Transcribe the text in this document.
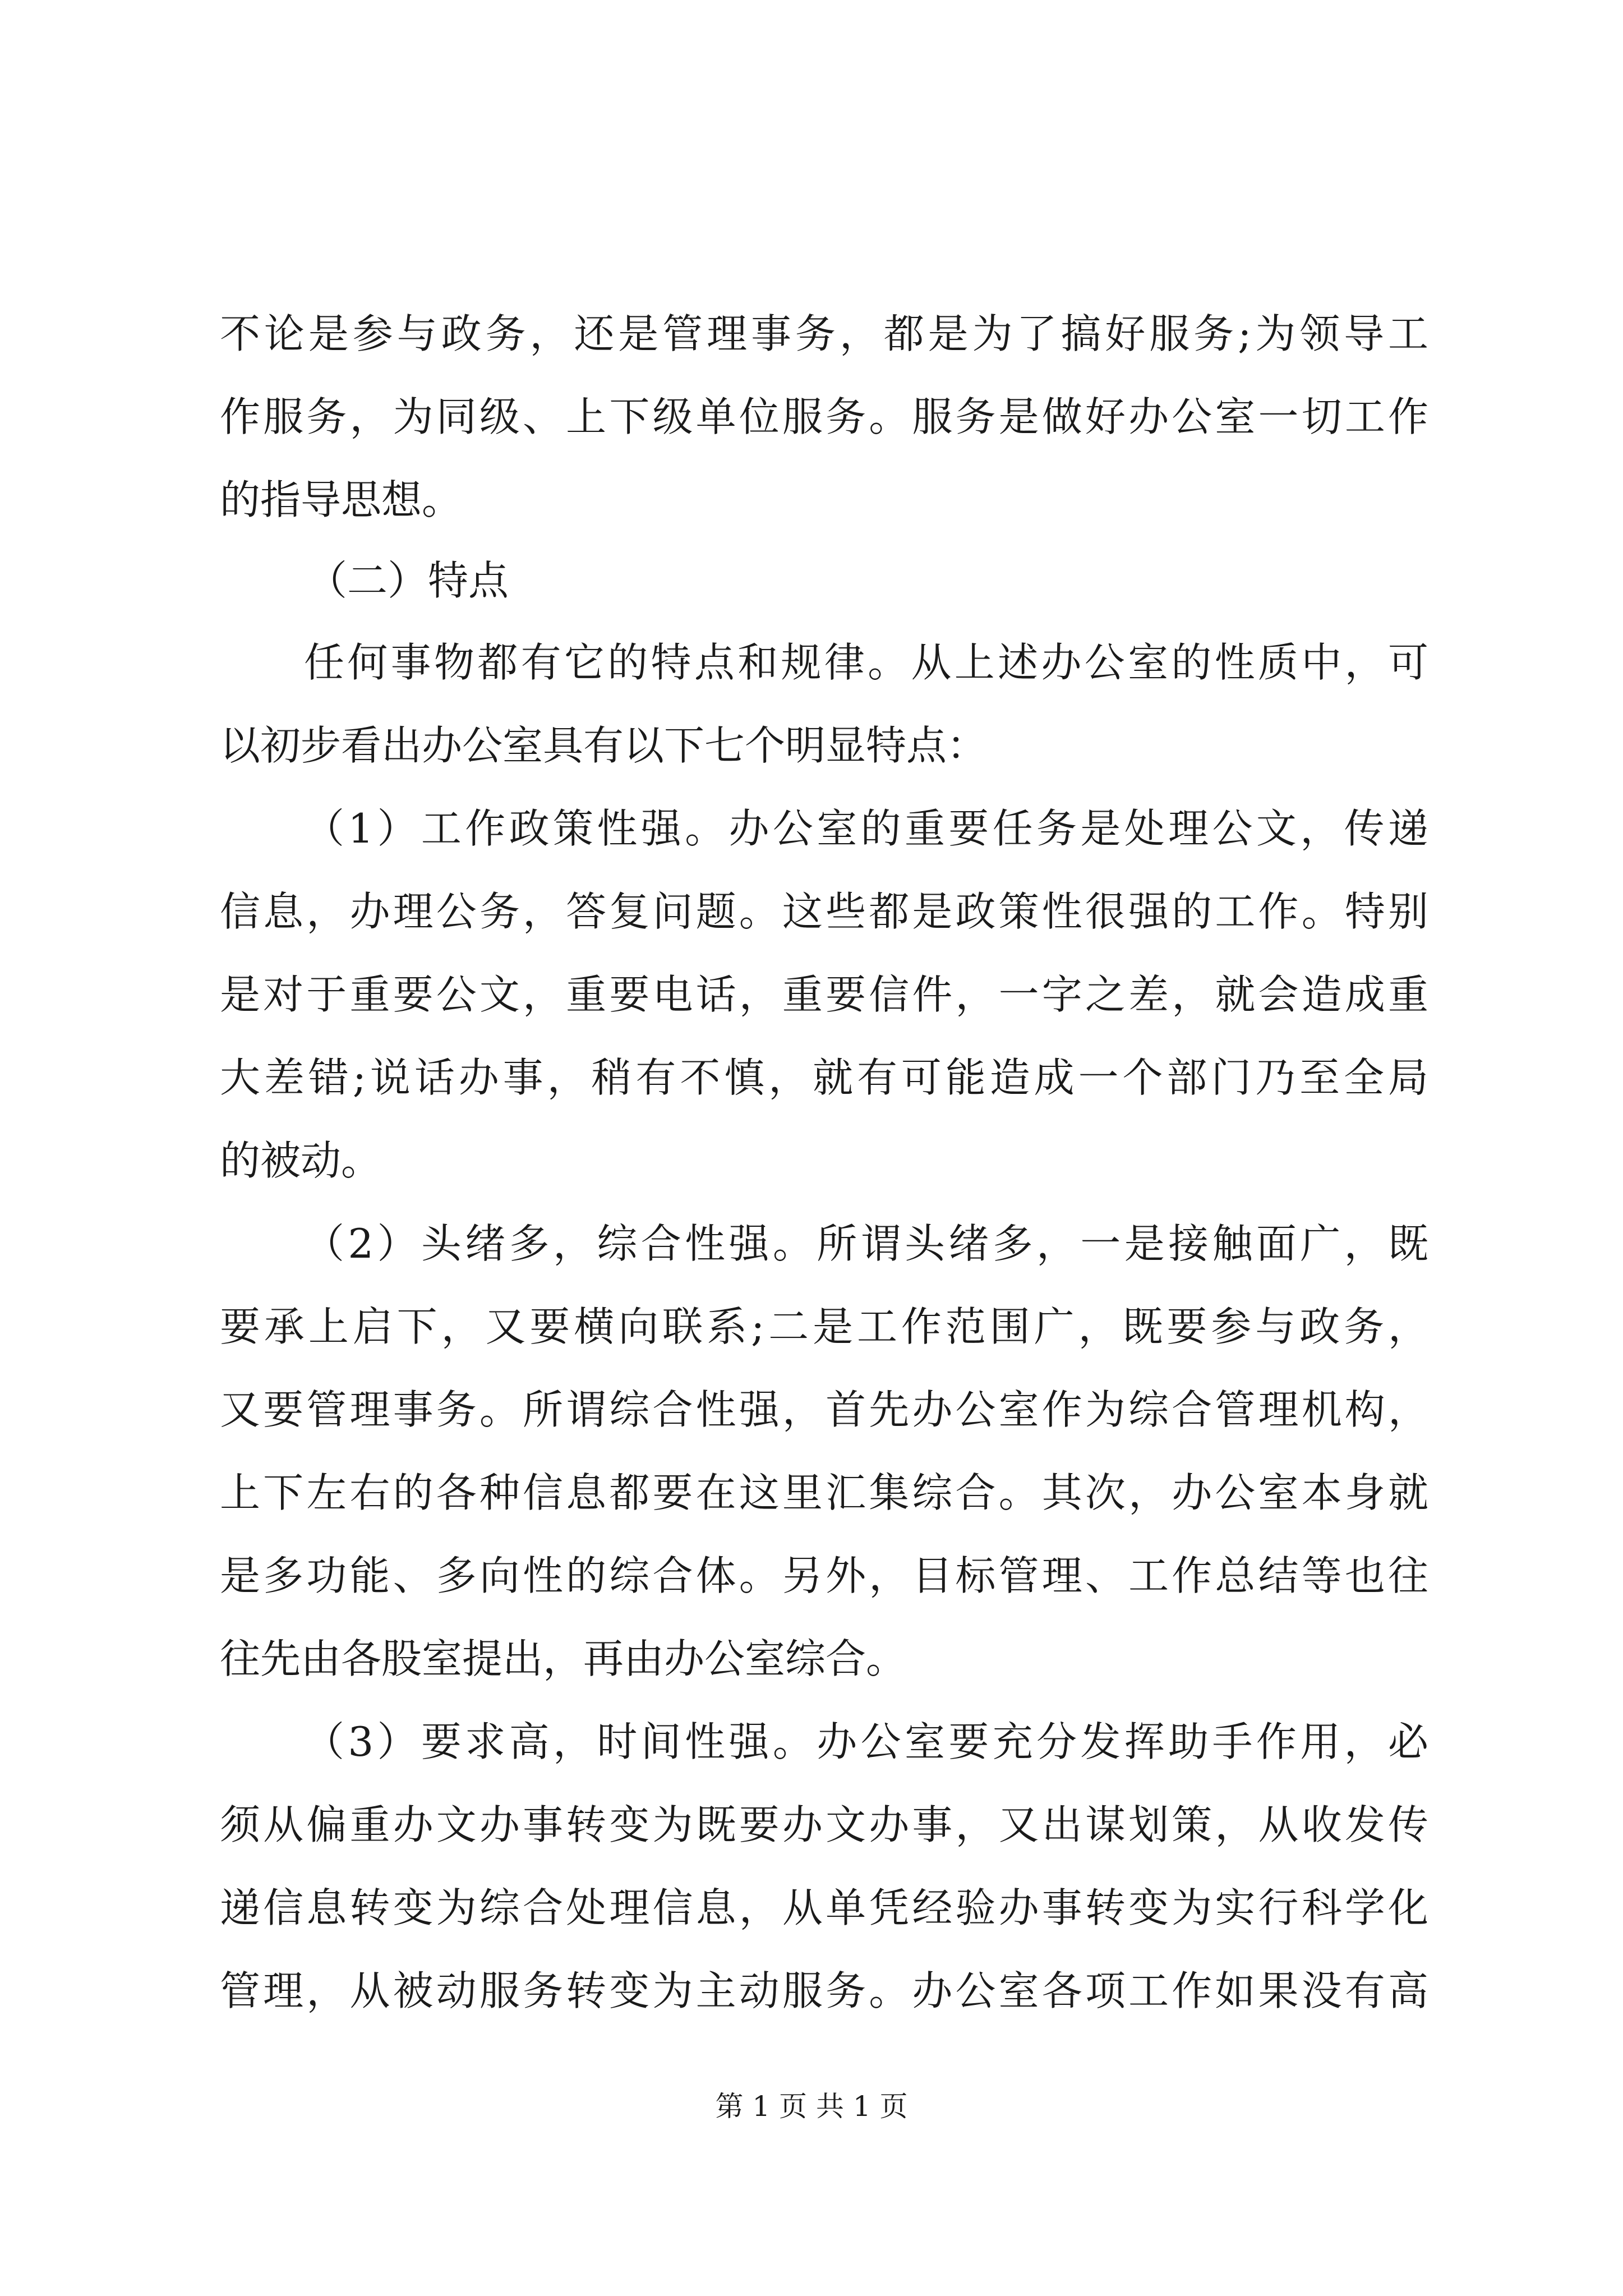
不论是参与政务，还是管理事务，都是为了搞好服务;为领导工
作服务，为同级、上下级单位服务。服务是做好办公室一切工作
的指导思想。
（二）特点
任何事物都有它的特点和规律。从上述办公室的性质中，可
以初步看出办公室具有以下七个明显特点：
（1）工作政策性强。办公室的重要任务是处理公文，传递
信息，办理公务，答复问题。这些都是政策性很强的工作。特别
是对于重要公文，重要电话，重要信件，一字之差，就会造成重
大差错;说话办事，稍有不慎，就有可能造成一个部门乃至全局
的被动。
（2）头绪多，综合性强。所谓头绪多，一是接触面广，既
要承上启下，又要横向联系;二是工作范围广，既要参与政务，
又要管理事务。所谓综合性强，首先办公室作为综合管理机构，
上下左右的各种信息都要在这里汇集综合。其次，办公室本身就
是多功能、多向性的综合体。另外，目标管理、工作总结等也往
往先由各股室提出，再由办公室综合。
（3）要求高，时间性强。办公室要充分发挥助手作用，必
须从偏重办文办事转变为既要办文办事，又出谋划策，从收发传
递信息转变为综合处理信息，从单凭经验办事转变为实行科学化
管理，从被动服务转变为主动服务。办公室各项工作如果没有高
第 1 页 共 1 页
